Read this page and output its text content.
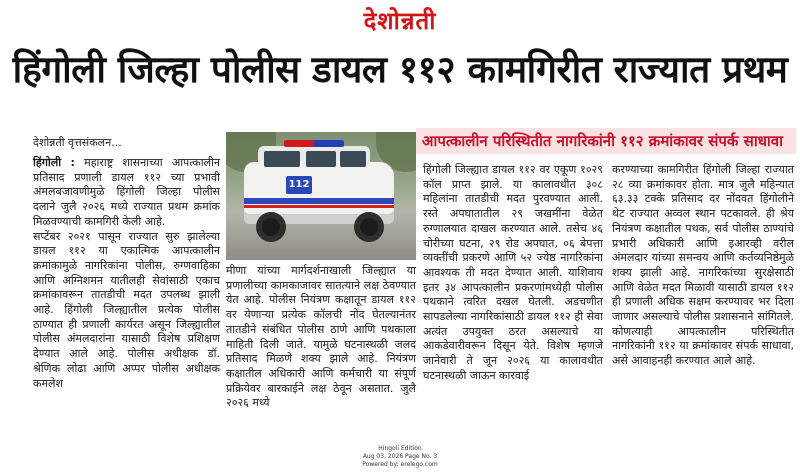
देशोन्नती
हिंगोली जिल्हा पोलीस डायल ११२ कामगिरीत राज्यात प्रथम
देशोन्नती वृत्तसंकलन...	आपत्कालीन परिस्थितीत नागरिकांनी ११२ क्रमांकावर संपर्क साधावा

हिंगोली : महाराष्ट्र शासनाच्या आपत्कालीन प्रतिसाद प्रणाली डायल ११२ च्या प्रभावी अंमलबजावणीमुळे हिंगोली जिल्हा पोलीस दलाने जुलै २०२६ मध्ये राज्यात प्रथम क्रमांक मिळवण्याची कामगिरी केली आहे.

सप्टेंबर २०२१ पासून राज्यात सुरु झालेल्या डायल ११२ या एकात्मिक आपत्कालीन क्रमांकामुळे नागरिकांना पोलीस, रुग्णवाहिका आणि अग्निशमन यातीलही सेवांसाठी एकाच क्रमांकावरून तातडीची मदत उपलब्ध झाली आहे. हिंगोली जिल्ह्यातील प्रत्येक पोलीस ठाण्यात ही प्रणाली कार्यरत असून जिल्ह्यातील पोलीस अंमलदारांना यासाठी विशेष प्रशिक्षण देण्यात आले आहे. पोलीस अधीक्षक डॉ. श्रेणिक लोढा आणि अप्पर पोलीस अधीक्षक कमलेश

112

मीणा यांच्या मार्गदर्शनाखाली जिल्ह्यात या प्रणालीच्या कामकाजावर सातत्याने लक्ष ठेवण्यात येत आहे. पोलीस नियंत्रण कक्षातून डायल ११२ वर येणाऱ्या प्रत्येक कॉलची नोंद घेतल्यानंतर तातडीने संबंधित पोलीस ठाणे आणि पथकाला माहिती दिली जाते. यामुळे घटनास्थळी जलद प्रतिसाद मिळणे शक्य झाले आहे. नियंत्रण कक्षातील अधिकारी आणि कर्मचारी या संपूर्ण प्रक्रियेवर बारकाईने लक्ष ठेवून असतात. जुलै २०२६ मध्ये

हिंगोली जिल्ह्यात डायल ११२ वर एकूण १०२९ कॉल प्राप्त झाले. या कालावधीत ३०८ महिलांना तातडीची मदत पुरवण्यात आली. रस्ते अपघातातील २९ जखमींना वेळेत रुग्णालयात दाखल करण्यात आले. तसेच ४६ चोरीच्या घटना, २९ रोड अपघात, ०६ बेपत्ता व्यक्तींची प्रकरणे आणि ५२ ज्येष्ठ नागरिकांना आवश्यक ती मदत देण्यात आली. याशिवाय इतर ३४ आपत्कालीन प्रकरणांमध्येही पोलीस पथकाने त्वरित दखल घेतली. अडचणीत सापडलेल्या नागरिकांसाठी डायल ११२ ही सेवा अत्यंत उपयुक्त ठरत असल्याचे या आकडेवारीवरून दिसून येते. विशेष म्हणजे जानेवारी ते जून २०२६ या कालावधीत घटनास्थळी जाऊन कारवाई

करण्याच्या कामगिरीत हिंगोली जिल्हा राज्यात २८ व्या क्रमांकावर होता. मात्र जुलै महिन्यात ६३.३३ टक्के प्रतिसाद दर नोंदवत हिंगोलीने थेट राज्यात अव्वल स्थान पटकावले. ही श्रेय नियंत्रण कक्षातील पथक, सर्व पोलीस ठाण्यांचे प्रभारी अधिकारी आणि इआरव्ही वरील अंमलदार यांच्या समन्वय आणि कर्तव्यनिष्ठेमुळे शक्य झाली आहे. नागरिकांच्या सुरक्षेसाठी आणि वेळेत मदत मिळावी यासाठी डायल ११२ ही प्रणाली अधिक सक्षम करण्यावर भर दिला जाणार असल्याचे पोलीस प्रशासनाने सांगितले. कोणत्याही आपत्कालीन परिस्थितीत नागरिकांनी ११२ या क्रमांकावर संपर्क साधावा, असे आवाहनही करण्यात आले आहे.

Hingoli Edition
Aug 03, 2026 Page No. 3
Powered by: erelego.com
